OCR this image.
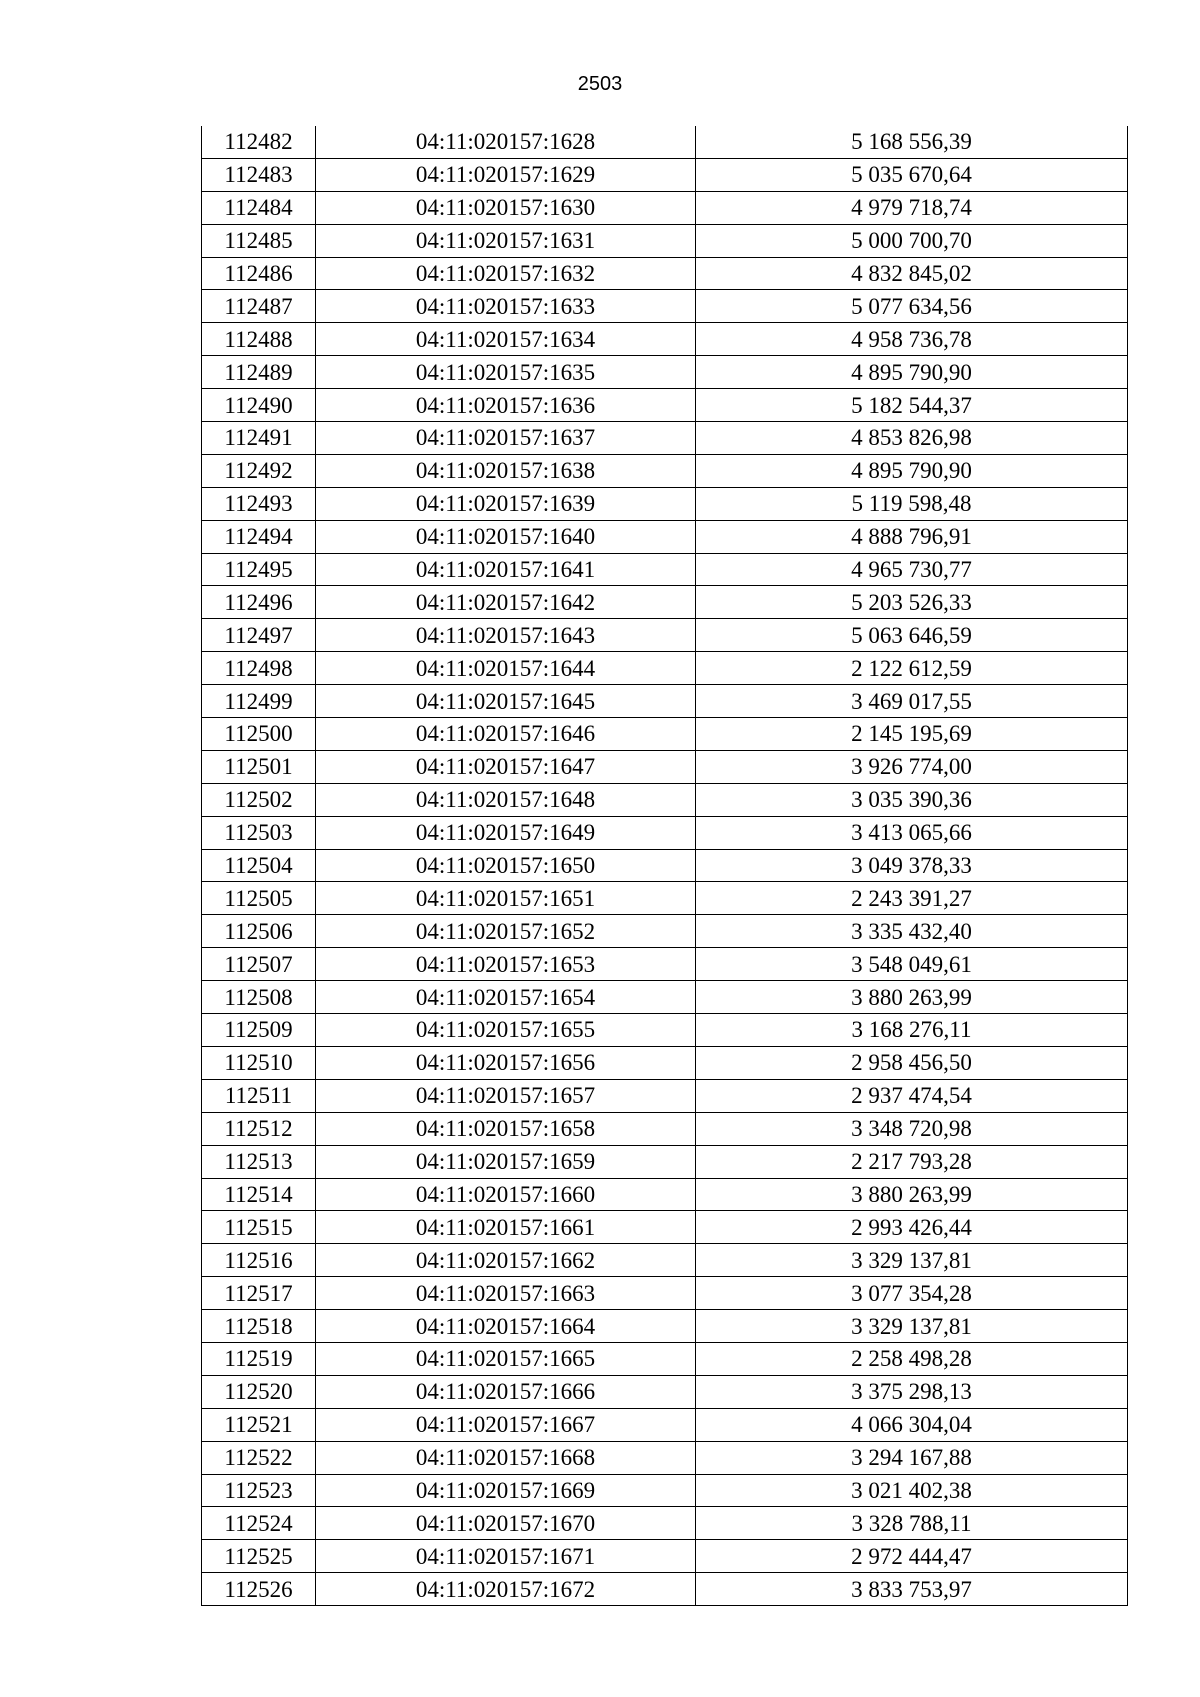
2503
112482	04:11:020157:1628	5 168 556,39
112483	04:11:020157:1629	5 035 670,64
112484	04:11:020157:1630	4 979 718,74
112485	04:11:020157:1631	5 000 700,70
112486	04:11:020157:1632	4 832 845,02
112487	04:11:020157:1633	5 077 634,56
112488	04:11:020157:1634	4 958 736,78
112489	04:11:020157:1635	4 895 790,90
112490	04:11:020157:1636	5 182 544,37
112491	04:11:020157:1637	4 853 826,98
112492	04:11:020157:1638	4 895 790,90
112493	04:11:020157:1639	5 119 598,48
112494	04:11:020157:1640	4 888 796,91
112495	04:11:020157:1641	4 965 730,77
112496	04:11:020157:1642	5 203 526,33
112497	04:11:020157:1643	5 063 646,59
112498	04:11:020157:1644	2 122 612,59
112499	04:11:020157:1645	3 469 017,55
112500	04:11:020157:1646	2 145 195,69
112501	04:11:020157:1647	3 926 774,00
112502	04:11:020157:1648	3 035 390,36
112503	04:11:020157:1649	3 413 065,66
112504	04:11:020157:1650	3 049 378,33
112505	04:11:020157:1651	2 243 391,27
112506	04:11:020157:1652	3 335 432,40
112507	04:11:020157:1653	3 548 049,61
112508	04:11:020157:1654	3 880 263,99
112509	04:11:020157:1655	3 168 276,11
112510	04:11:020157:1656	2 958 456,50
112511	04:11:020157:1657	2 937 474,54
112512	04:11:020157:1658	3 348 720,98
112513	04:11:020157:1659	2 217 793,28
112514	04:11:020157:1660	3 880 263,99
112515	04:11:020157:1661	2 993 426,44
112516	04:11:020157:1662	3 329 137,81
112517	04:11:020157:1663	3 077 354,28
112518	04:11:020157:1664	3 329 137,81
112519	04:11:020157:1665	2 258 498,28
112520	04:11:020157:1666	3 375 298,13
112521	04:11:020157:1667	4 066 304,04
112522	04:11:020157:1668	3 294 167,88
112523	04:11:020157:1669	3 021 402,38
112524	04:11:020157:1670	3 328 788,11
112525	04:11:020157:1671	2 972 444,47
112526	04:11:020157:1672	3 833 753,97
